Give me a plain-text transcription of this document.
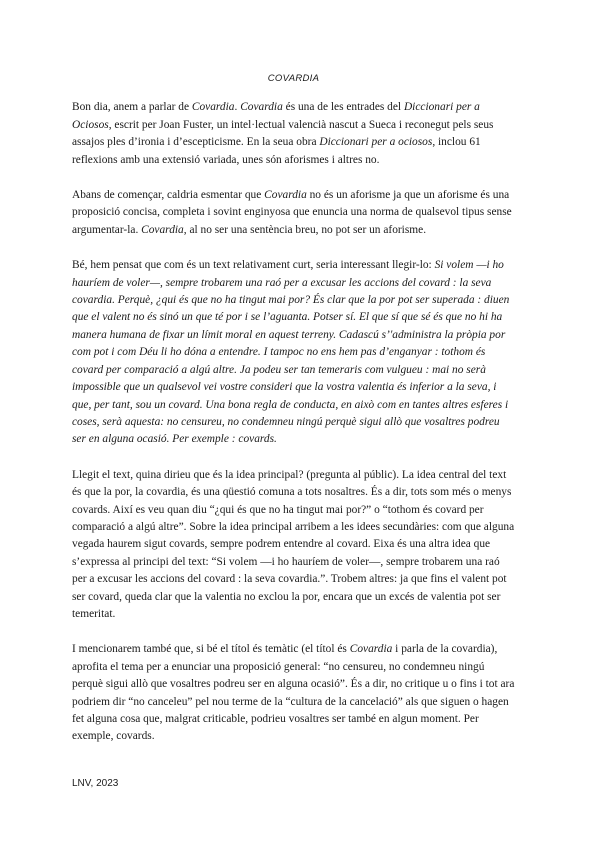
COVARDIA

Bon dia, anem a parlar de Covardia. Covardia és una de les entrades del Diccionari per a Ociosos, escrit per Joan Fuster, un intel·lectual valencià nascut a Sueca i reconegut pels seus assajos ples d’ironia i d’escepticisme. En la seua obra Diccionari per a ociosos, inclou 61 reflexions amb una extensió variada, unes són aforismes i altres no.

Abans de començar, caldria esmentar que Covardia no és un aforisme ja que un aforisme és una proposició concisa, completa i sovint enginyosa que enuncia una norma de qualsevol tipus sense argumentar-la. Covardia, al no ser una sentència breu, no pot ser un aforisme.

Bé, hem pensat que com és un text relativament curt, seria interessant llegir-lo: Si volem —i ho hauríem de voler—, sempre trobarem una raó per a excusar les accions del covard : la seva covardia. Perquè, ¿qui és que no ha tingut mai por? És clar que la por pot ser superada : diuen que el valent no és sinó un que té por i se l’aguanta. Potser sí. El que sí que sé és que no hi ha manera humana de fixar un límit moral en aquest terreny. Cadascú s’'administra la pròpia por com pot i com Déu li ho dóna a entendre. I tampoc no ens hem pas d’enganyar : tothom és covard per comparació a algú altre. Ja podeu ser tan temeraris com vulgueu : mai no serà impossible que un qualsevol vei vostre consideri que la vostra valentia és inferior a la seva, i que, per tant, sou un covard. Una bona regla de conducta, en això com en tantes altres esferes i coses, serà aquesta: no censureu, no condemneu ningú perquè sigui allò que vosaltres podreu ser en alguna ocasió. Per exemple : covards.

Llegit el text, quina dirieu que és la idea principal? (pregunta al públic). La idea central del text és que la por, la covardia, és una qüestió comuna a tots nosaltres. És a dir, tots som més o menys covards. Així es veu quan diu “¿qui és que no ha tingut mai por?” o “tothom és covard per comparació a algú altre”. Sobre la idea principal arribem a les idees secundàries: com que alguna vegada haurem sigut covards, sempre podrem entendre al covard. Eixa és una altra idea que s’expressa al principi del text: “Si volem —i ho hauríem de voler—, sempre trobarem una raó per a excusar les accions del covard : la seva covardia.”. Trobem altres: ja que fins el valent pot ser covard, queda clar que la valentia no exclou la por, encara que un excés de valentia pot ser temeritat.

I mencionarem també que, si bé el títol és temàtic (el títol és Covardia i parla de la covardia), aprofita el tema per a enunciar una proposició general: “no censureu, no condemneu ningú perquè sigui allò que vosaltres podreu ser en alguna ocasió”. És a dir, no critique u o fins i tot ara podriem dir “no canceleu” pel nou terme de la “cultura de la cancelació” als que siguen o hagen fet alguna cosa que, malgrat criticable, podrieu vosaltres ser també en algun moment. Per exemple, covards.

LNV, 2023
